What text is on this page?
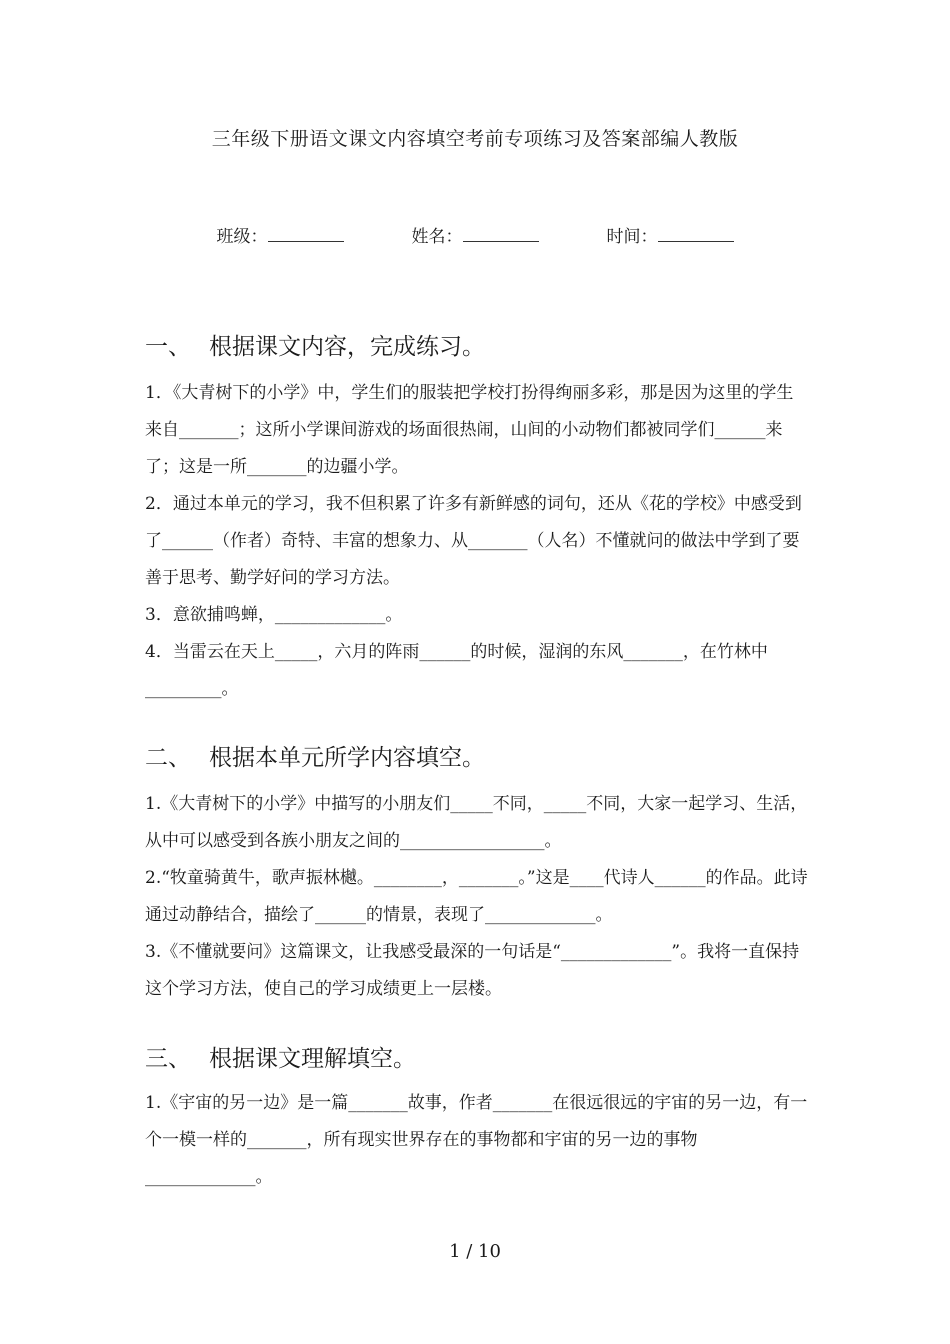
三年级下册语文课文内容填空考前专项练习及答案部编人教版
班级：	姓名：	时间：
一、 根据课文内容，完成练习。

1．《大青树下的小学》中，学生们的服装把学校打扮得绚丽多彩，那是因为这里的学生来自_______；这所小学课间游戏的场面很热闹，山间的小动物们都被同学们______来了；这是一所_______的边疆小学。

2．通过本单元的学习，我不但积累了许多有新鲜感的词句，还从《花的学校》中感受到了______（作者）奇特、丰富的想象力、从_______（人名）不懂就问的做法中学到了要善于思考、勤学好问的学习方法。

3．意欲捕鸣蝉，_____________。

4．当雷云在天上_____，六月的阵雨______的时候，湿润的东风_______，在竹林中_________。

二、 根据本单元所学内容填空。

1.《大青树下的小学》中描写的小朋友们_____不同，_____不同，大家一起学习、生活，从中可以感受到各族小朋友之间的_________________。

2.“牧童骑黄牛，歌声振林樾。________，_______。”这是____代诗人______的作品。此诗通过动静结合，描绘了______的情景，表现了_____________。

3.《不懂就要问》这篇课文，让我感受最深的一句话是“_____________”。我将一直保持这个学习方法，使自己的学习成绩更上一层楼。

三、 根据课文理解填空。

1.《宇宙的另一边》是一篇_______故事，作者_______在很远很远的宇宙的另一边，有一个一模一样的_______，所有现实世界存在的事物都和宇宙的另一边的事物_____________。

1 / 10
